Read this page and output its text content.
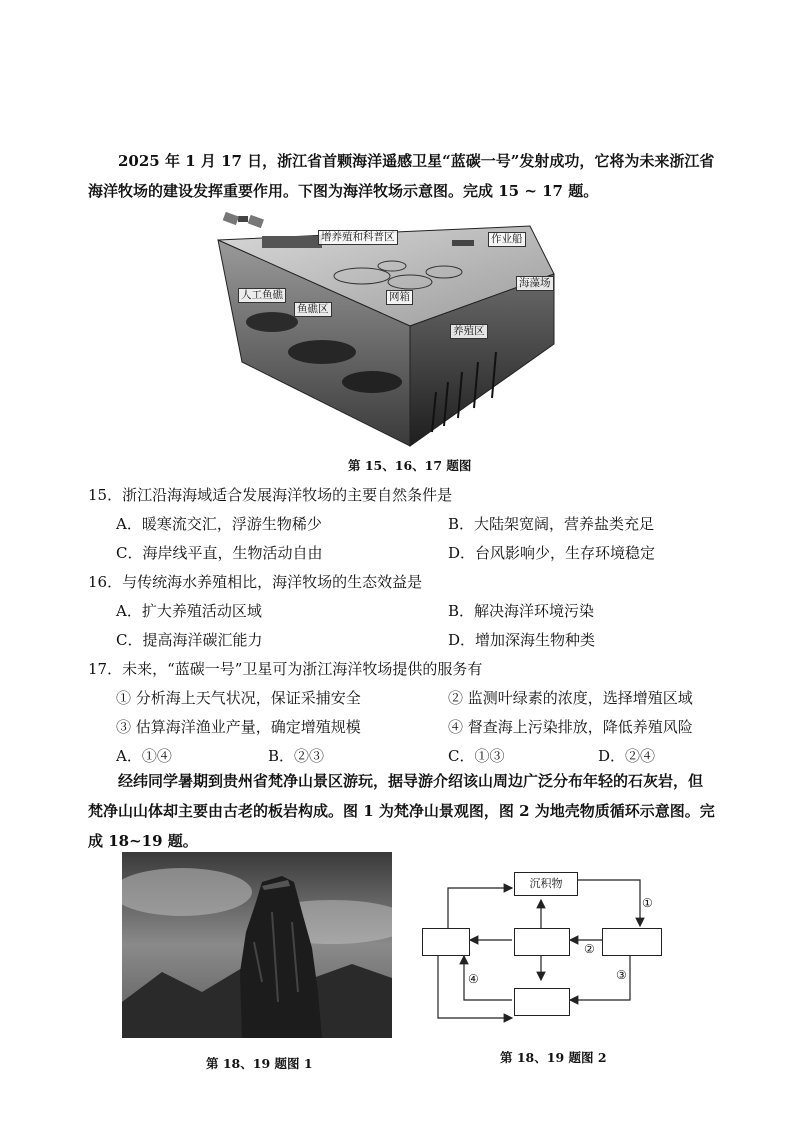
2025 年 1 月 17 日，浙江省首颗海洋遥感卫星“蓝碳一号”发射成功，它将为未来浙江省
海洋牧场的建设发挥重要作用。下图为海洋牧场示意图。完成 15 ~ 17 题。
增养殖和科普区	作业船
人工鱼礁
鱼礁区
网箱
海藻场
养殖区
第 15、16、17 题图
15．浙江沿海海域适合发展海洋牧场的主要自然条件是
A．暖寒流交汇，浮游生物稀少	B．大陆架宽阔，营养盐类充足
C．海岸线平直，生物活动自由	D．台风影响少，生存环境稳定
16．与传统海水养殖相比，海洋牧场的生态效益是
A．扩大养殖活动区域	B．解决海洋环境污染
C．提高海洋碳汇能力	D．增加深海生物种类
17．未来，“蓝碳一号”卫星可为浙江海洋牧场提供的服务有
① 分析海上天气状况，保证采捕安全	② 监测叶绿素的浓度，选择增殖区域
③ 估算海洋渔业产量，确定增殖规模	④ 督查海上污染排放，降低养殖风险
A．①④	B．②③	C．①③	D．②④
经纬同学暑期到贵州省梵净山景区游玩，据导游介绍该山周边广泛分布年轻的石灰岩，但
梵净山山体却主要由古老的板岩构成。图 1 为梵净山景观图，图 2 为地壳物质循环示意图。完
成 18~19 题。
第 18、19 题图 1
沉积物
①
②
③
④
第 18、19 题图 2
